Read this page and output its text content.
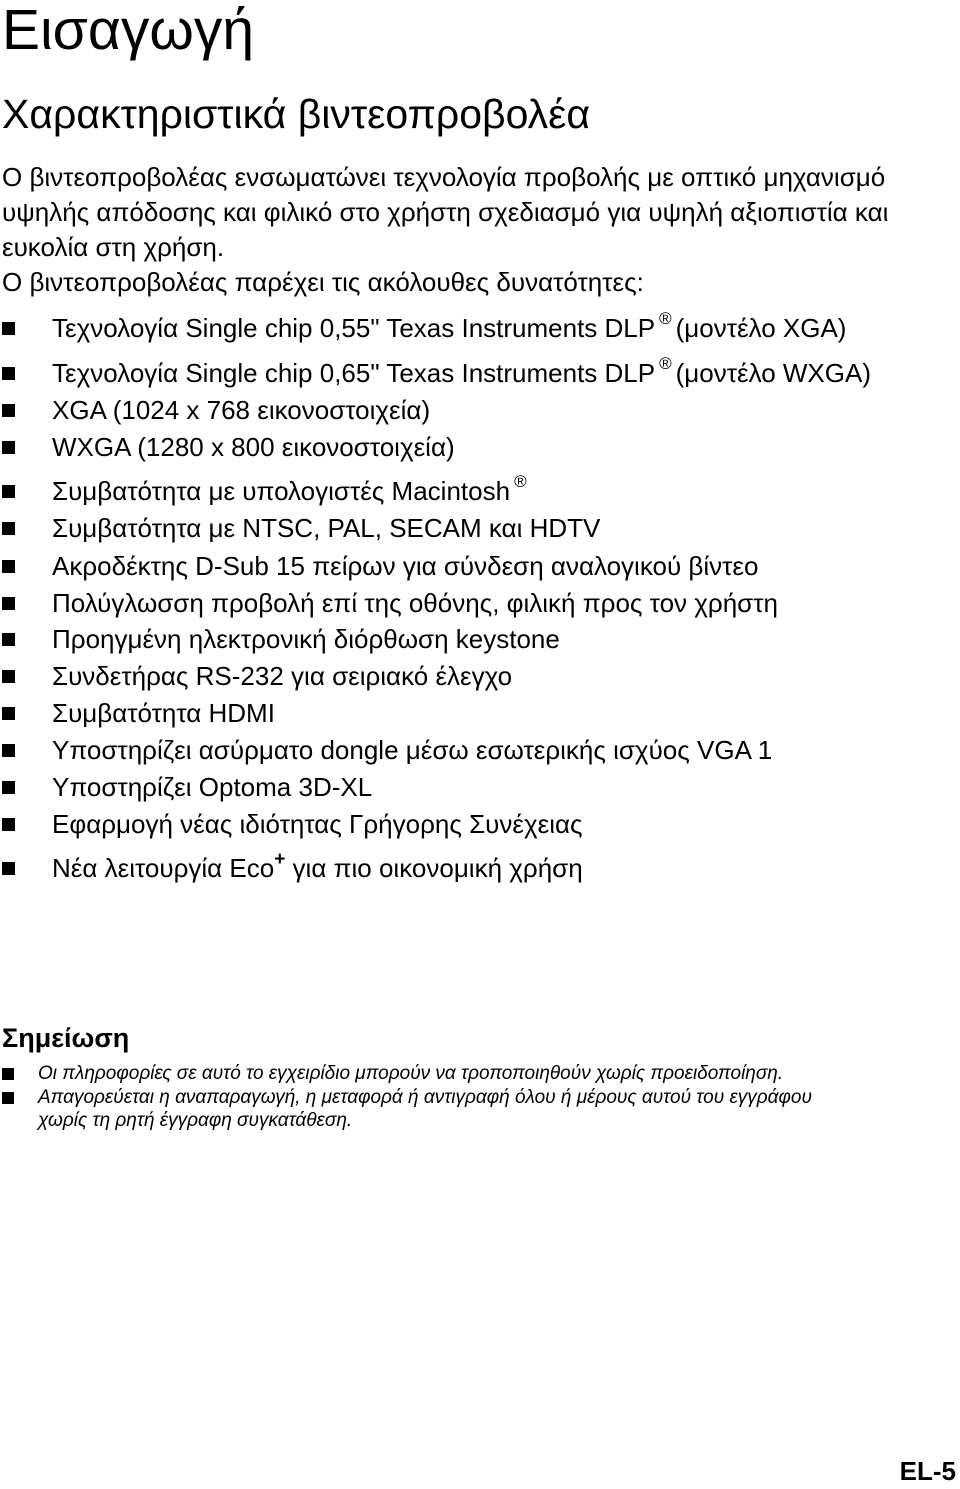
Εισαγωγή
Χαρακτηριστικά βιντεοπροβολέα

Ο βιντεοπροβολέας ενσωματώνει τεχνολογία προβολής με οπτικό μηχανισμό υψηλής απόδοσης και φιλικό στο χρήστη σχεδιασμό για υψηλή αξιοπιστία και ευκολία στη χρήση.

Ο βιντεοπροβολέας παρέχει τις ακόλουθες δυνατότητες:

Τεχνολογία Single chip 0,55" Texas Instruments DLP ® (μοντέλο XGA)
Τεχνολογία Single chip 0,65" Texas Instruments DLP ® (μοντέλο WXGA)
XGA (1024 x 768 εικονοστοιχεία)
WXGA (1280 x 800 εικονοστοιχεία)
Συμβατότητα με υπολογιστές Macintosh ®
Συμβατότητα με NTSC, PAL, SECAM και HDTV
Ακροδέκτης D-Sub 15 πείρων για σύνδεση αναλογικού βίντεο
Πολύγλωσση προβολή επί της οθόνης, φιλική προς τον χρήστη
Προηγμένη ηλεκτρονική διόρθωση keystone
Συνδετήρας RS-232 για σειριακό έλεγχο
Συμβατότητα HDMI
Υποστηρίζει ασύρματο dongle μέσω εσωτερικής ισχύος VGA 1
Υποστηρίζει Optoma 3D-XL
Εφαρμογή νέας ιδιότητας Γρήγορης Συνέχειας
Νέα λειτουργία Eco+ για πιο οικονομική χρήση
Σημείωση
Οι πληροφορίες σε αυτό το εγχειρίδιο μπορούν να τροποποιηθούν χωρίς προειδοποίηση.
Απαγορεύεται η αναπαραγωγή, η μεταφορά ή αντιγραφή όλου ή μέρους αυτού του εγγράφου
χωρίς τη ρητή έγγραφη συγκατάθεση.
EL-5
